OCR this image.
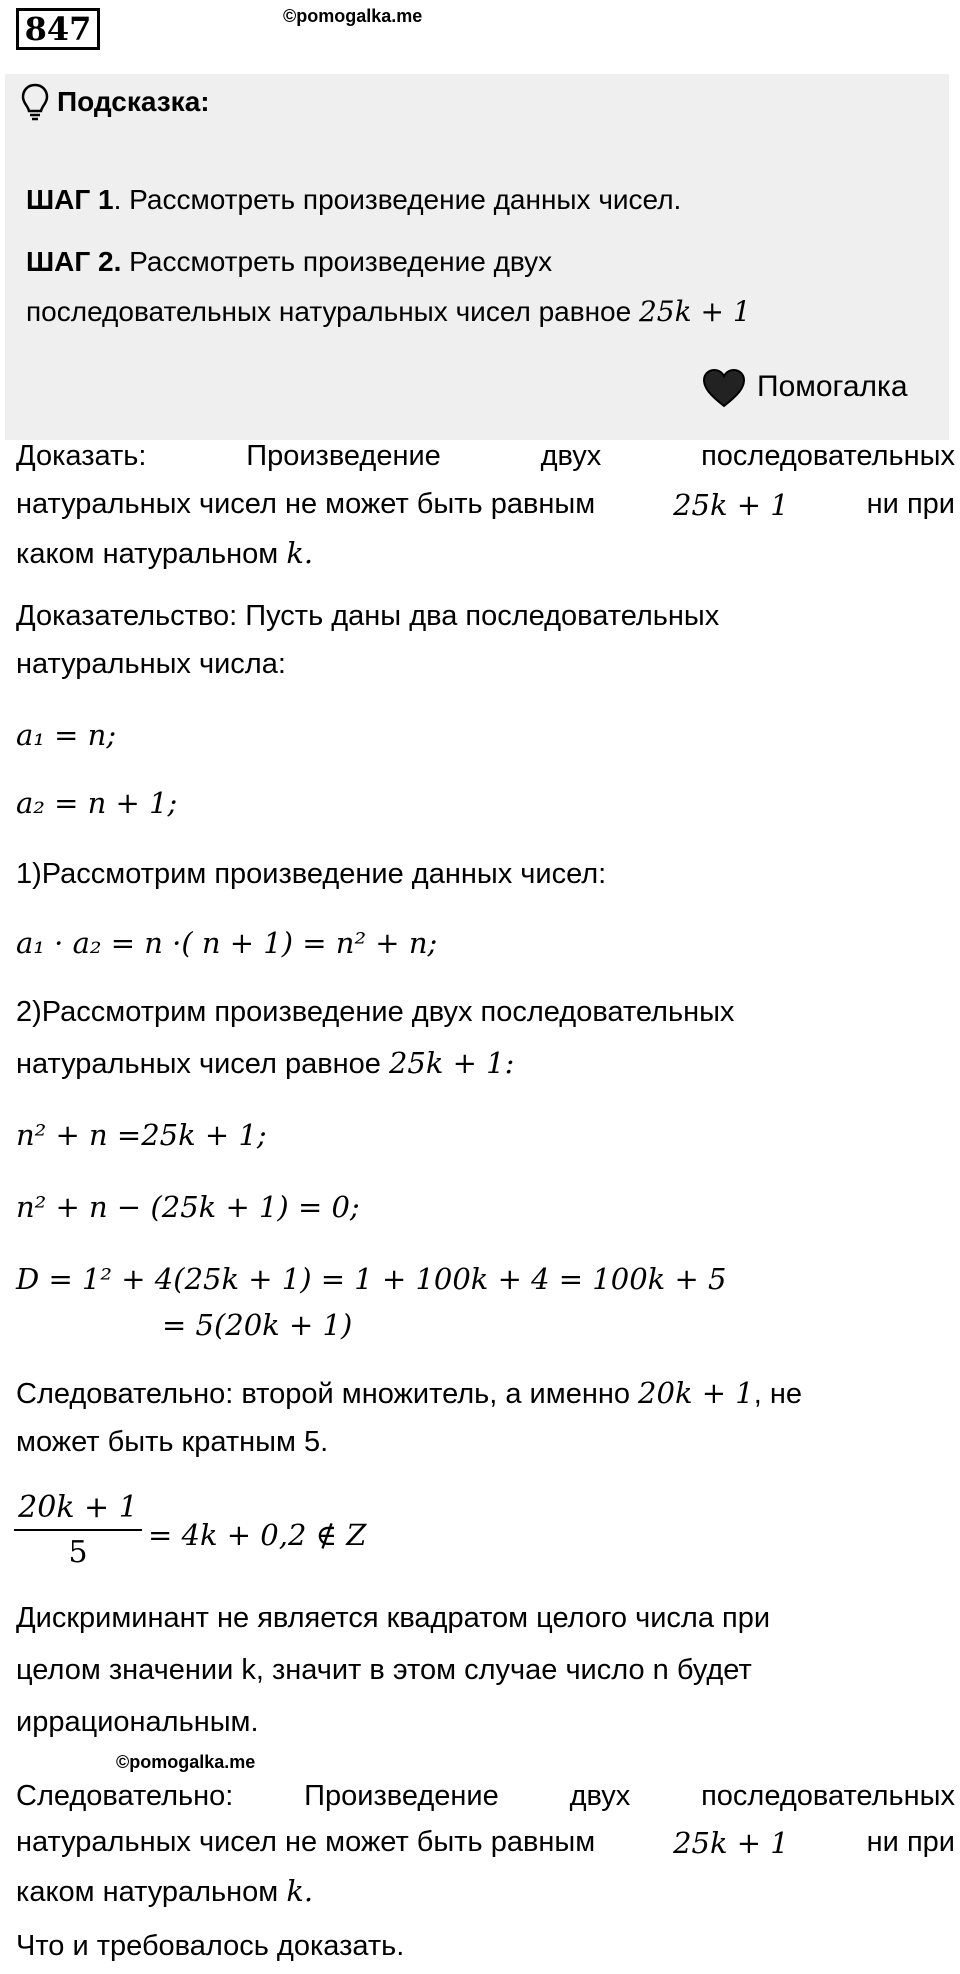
847	©pomogalka.me
Подсказка:
ШАГ 1. Рассмотреть произведение данных чисел.
ШАГ 2. Рассмотреть произведение двух
последовательных натуральных чисел равное 25k + 1
Помогалка
Доказать:	Произведение	двух	последовательных
натуральных чисел не может быть равным	25k + 1	ни при
каком натуральном k.
Доказательство: Пусть даны два последовательных
натуральных числа:
a₁ = n;
a₂ = n + 1;
1)Рассмотрим произведение данных чисел:
a₁ · a₂ = n ·( n + 1) = n² + n;
2)Рассмотрим произведение двух последовательных
натуральных чисел равное 25k + 1:
n² + n =25k + 1;
n² + n − (25k + 1) = 0;
D = 1² + 4(25k + 1) = 1 + 100k + 4 = 100k + 5
= 5(20k + 1)
Следовательно: второй множитель, а именно 20k + 1, не
может быть кратным 5.
$\frac{20k + 1}{5} = 4k + 0,2$ ∉ Z
Дискриминант не является квадратом целого числа при
целом значении k, значит в этом случае число n будет
иррациональным.
©pomogalka.me
Следовательно: Произведение двух последовательных
натуральных чисел не может быть равным	25k + 1	ни при
каком натуральном k.
Что и требовалось доказать.
